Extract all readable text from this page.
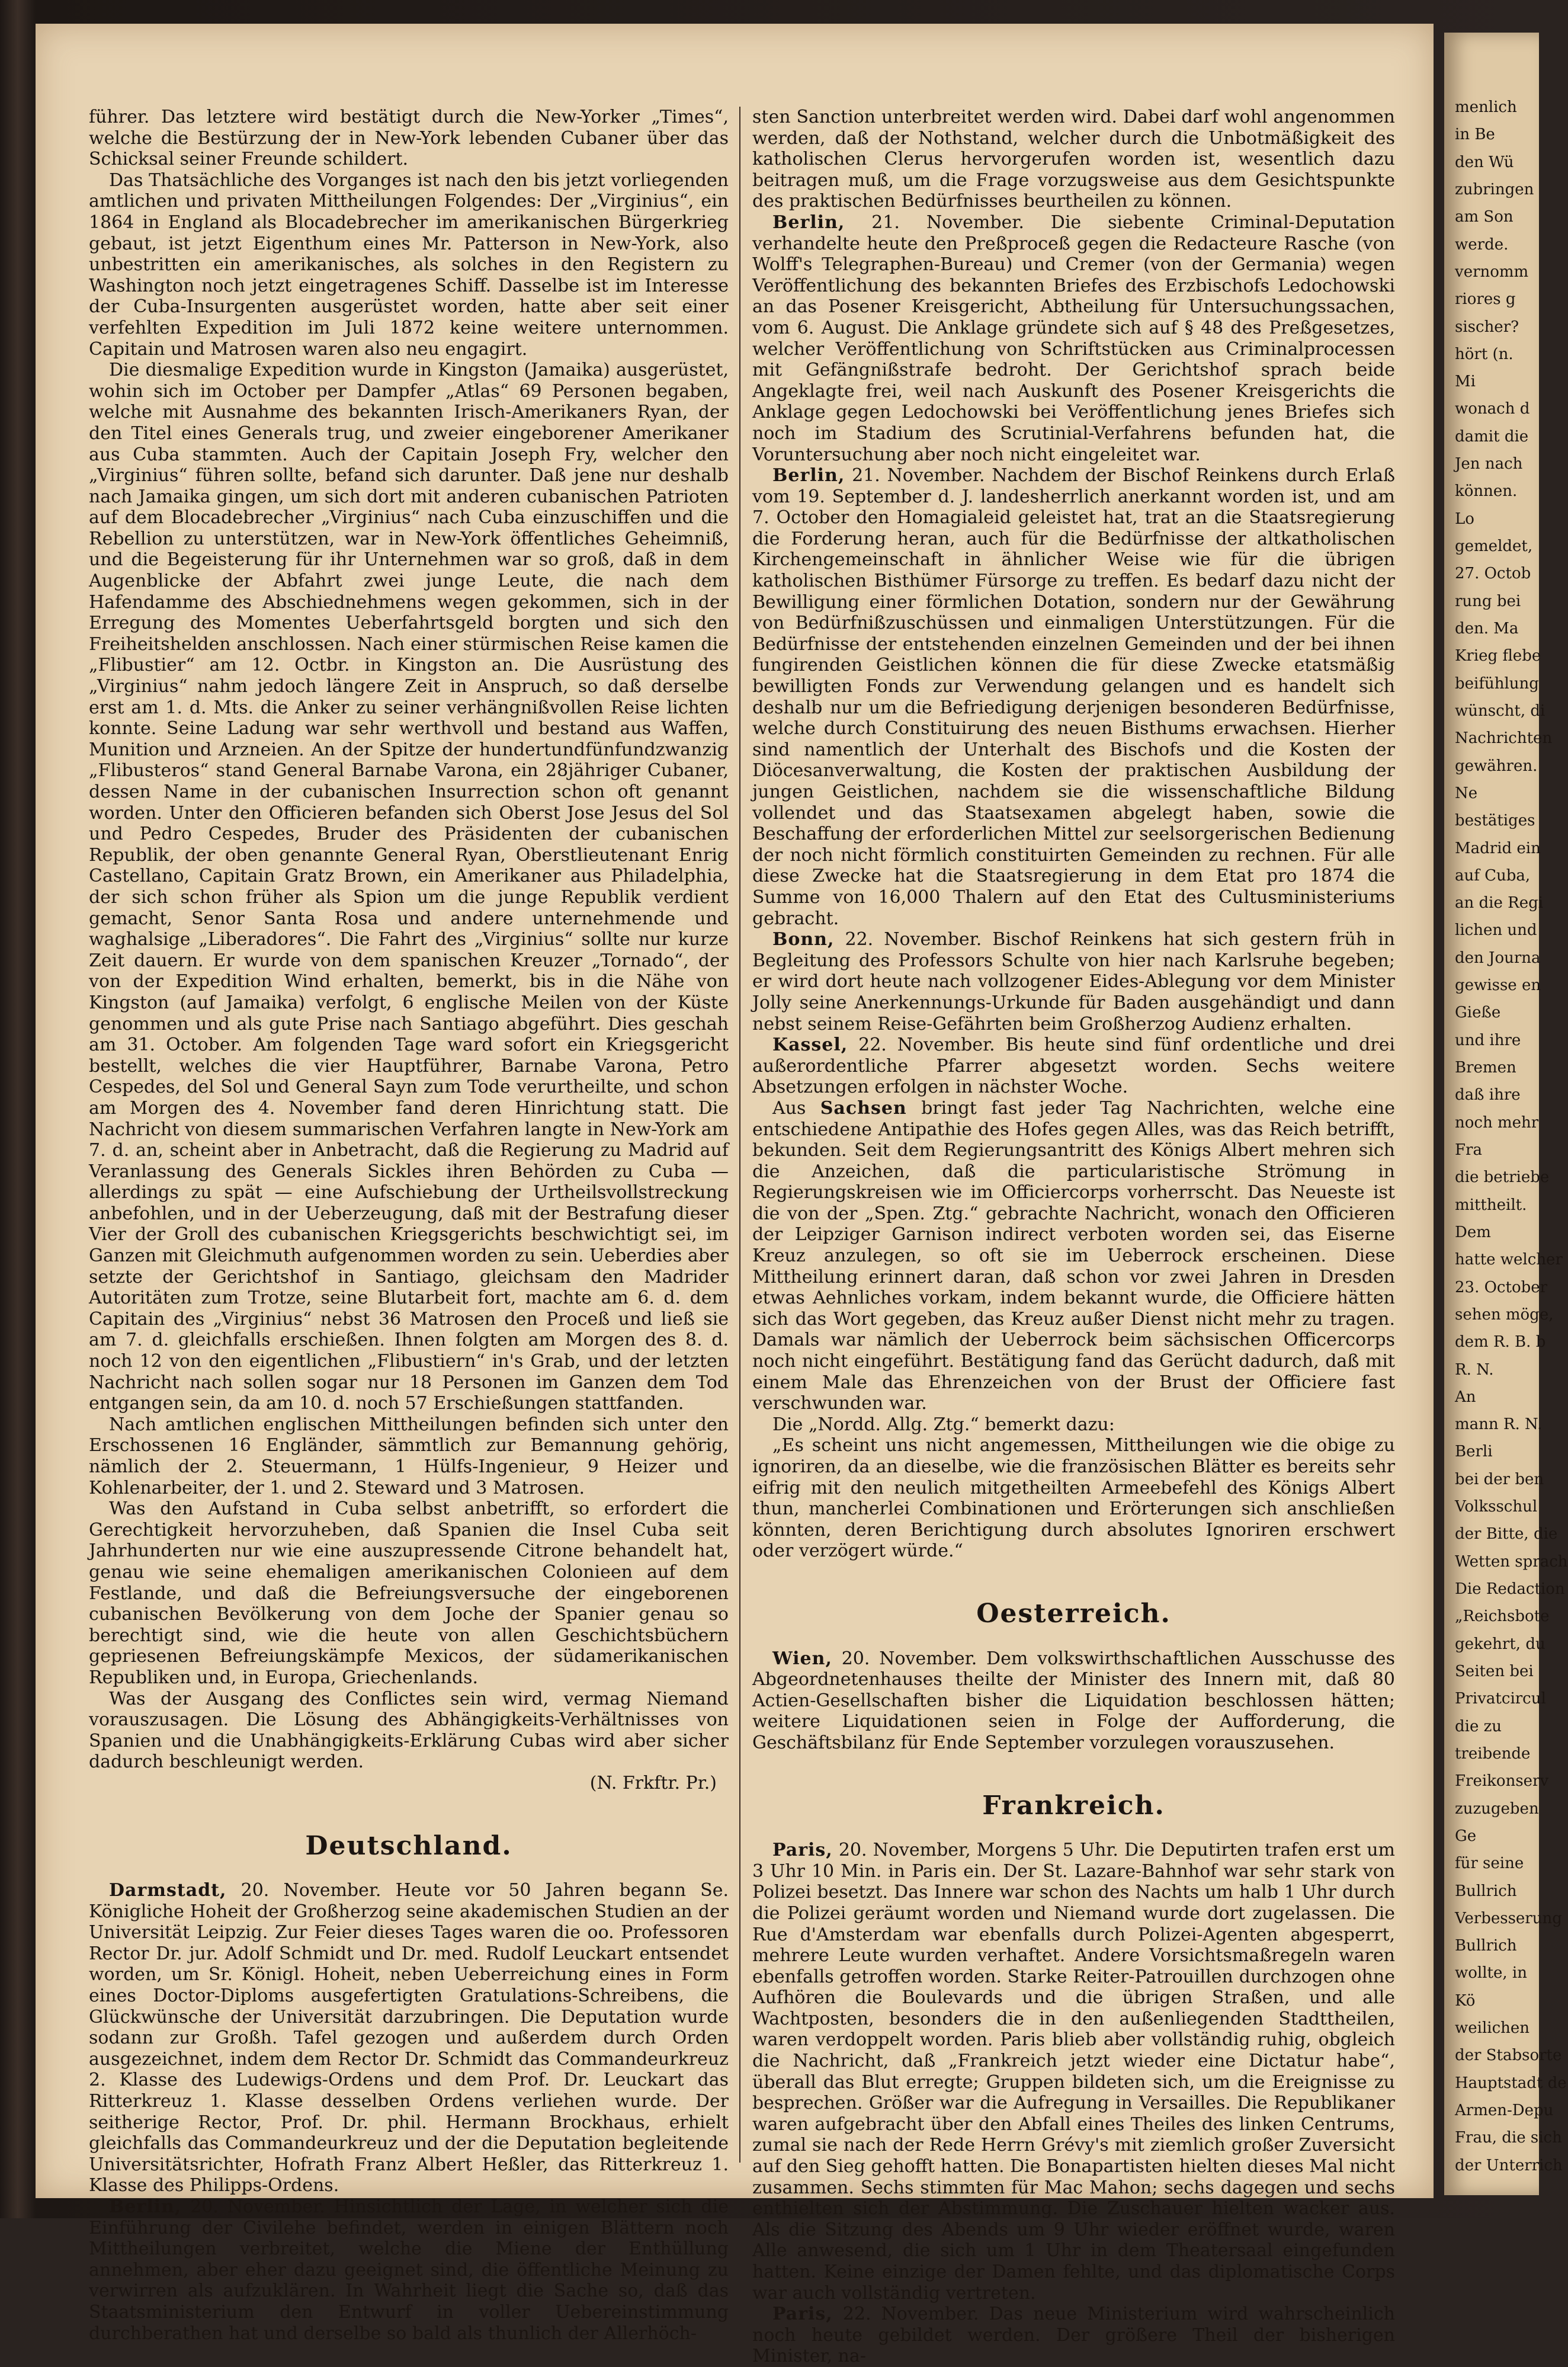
führer. Das letztere wird bestätigt durch die New-Yorker „Times“, welche die Bestürzung der in New-York lebenden Cubaner über das Schicksal seiner Freunde schildert.

Das Thatsächliche des Vorganges ist nach den bis jetzt vorliegenden amtlichen und privaten Mittheilungen Folgendes: Der „Virginius“, ein 1864 in England als Blocadebrecher im amerikanischen Bürgerkrieg gebaut, ist jetzt Eigenthum eines Mr. Patterson in New-York, also unbestritten ein amerikanisches, als solches in den Registern zu Washington noch jetzt eingetragenes Schiff. Dasselbe ist im Interesse der Cuba-Insurgenten ausgerüstet worden, hatte aber seit einer verfehlten Expedition im Juli 1872 keine weitere unternommen. Capitain und Matrosen waren also neu engagirt.

Die diesmalige Expedition wurde in Kingston (Jamaika) ausgerüstet, wohin sich im October per Dampfer „Atlas“ 69 Personen begaben, welche mit Ausnahme des bekannten Irisch-Amerikaners Ryan, der den Titel eines Generals trug, und zweier eingeborener Amerikaner aus Cuba stammten. Auch der Capitain Joseph Fry, welcher den „Virginius“ führen sollte, befand sich darunter. Daß jene nur deshalb nach Jamaika gingen, um sich dort mit anderen cubanischen Patrioten auf dem Blocadebrecher „Virginius“ nach Cuba einzuschiffen und die Rebellion zu unterstützen, war in New-York öffentliches Geheimniß, und die Begeisterung für ihr Unternehmen war so groß, daß in dem Augenblicke der Abfahrt zwei junge Leute, die nach dem Hafendamme des Abschiednehmens wegen gekommen, sich in der Erregung des Momentes Ueberfahrtsgeld borgten und sich den Freiheitshelden anschlossen. Nach einer stürmischen Reise kamen die „Flibustier“ am 12. Octbr. in Kingston an. Die Ausrüstung des „Virginius“ nahm jedoch längere Zeit in Anspruch, so daß derselbe erst am 1. d. Mts. die Anker zu seiner verhängnißvollen Reise lichten konnte. Seine Ladung war sehr werthvoll und bestand aus Waffen, Munition und Arzneien. An der Spitze der hundertundfünfundzwanzig „Flibusteros“ stand General Barnabe Varona, ein 28jähriger Cubaner, dessen Name in der cubanischen Insurrection schon oft genannt worden. Unter den Officieren befanden sich Oberst Jose Jesus del Sol und Pedro Cespedes, Bruder des Präsidenten der cubanischen Republik, der oben genannte General Ryan, Oberstlieutenant Enrig Castellano, Capitain Gratz Brown, ein Amerikaner aus Philadelphia, der sich schon früher als Spion um die junge Republik verdient gemacht, Senor Santa Rosa und andere unternehmende und waghalsige „Liberadores“. Die Fahrt des „Virginius“ sollte nur kurze Zeit dauern. Er wurde von dem spanischen Kreuzer „Tornado“, der von der Expedition Wind erhalten, bemerkt, bis in die Nähe von Kingston (auf Jamaika) verfolgt, 6 englische Meilen von der Küste genommen und als gute Prise nach Santiago abgeführt. Dies geschah am 31. October. Am folgenden Tage ward sofort ein Kriegsgericht bestellt, welches die vier Hauptführer, Barnabe Varona, Petro Cespedes, del Sol und General Sayn zum Tode verurtheilte, und schon am Morgen des 4. November fand deren Hinrichtung statt. Die Nachricht von diesem summarischen Verfahren langte in New-York am 7. d. an, scheint aber in Anbetracht, daß die Regierung zu Madrid auf Veranlassung des Generals Sickles ihren Behörden zu Cuba — allerdings zu spät — eine Aufschiebung der Urtheilsvollstreckung anbefohlen, und in der Ueberzeugung, daß mit der Bestrafung dieser Vier der Groll des cubanischen Kriegsgerichts beschwichtigt sei, im Ganzen mit Gleichmuth aufgenommen worden zu sein. Ueberdies aber setzte der Gerichtshof in Santiago, gleichsam den Madrider Autoritäten zum Trotze, seine Blutarbeit fort, machte am 6. d. dem Capitain des „Virginius“ nebst 36 Matrosen den Proceß und ließ sie am 7. d. gleichfalls erschießen. Ihnen folgten am Morgen des 8. d. noch 12 von den eigentlichen „Flibustiern“ in's Grab, und der letzten Nachricht nach sollen sogar nur 18 Personen im Ganzen dem Tod entgangen sein, da am 10. d. noch 57 Erschießungen stattfanden.

Nach amtlichen englischen Mittheilungen befinden sich unter den Erschossenen 16 Engländer, sämmtlich zur Bemannung gehörig, nämlich der 2. Steuermann, 1 Hülfs-Ingenieur, 9 Heizer und Kohlenarbeiter, der 1. und 2. Steward und 3 Matrosen.

Was den Aufstand in Cuba selbst anbetrifft, so erfordert die Gerechtigkeit hervorzuheben, daß Spanien die Insel Cuba seit Jahrhunderten nur wie eine auszupressende Citrone behandelt hat, genau wie seine ehemaligen amerikanischen Colonieen auf dem Festlande, und daß die Befreiungsversuche der eingeborenen cubanischen Bevölkerung von dem Joche der Spanier genau so berechtigt sind, wie die heute von allen Geschichtsbüchern gepriesenen Befreiungskämpfe Mexicos, der südamerikanischen Republiken und, in Europa, Griechenlands.

Was der Ausgang des Conflictes sein wird, vermag Niemand vorauszusagen. Die Lösung des Abhängigkeits-Verhältnisses von Spanien und die Unabhängigkeits-Erklärung Cubas wird aber sicher dadurch beschleunigt werden.

(N. Frkftr. Pr.)
Deutschland.

Darmstadt, 20. November. Heute vor 50 Jahren begann Se. Königliche Hoheit der Großherzog seine akademischen Studien an der Universität Leipzig. Zur Feier dieses Tages waren die oo. Professoren Rector Dr. jur. Adolf Schmidt und Dr. med. Rudolf Leuckart entsendet worden, um Sr. Königl. Hoheit, neben Ueberreichung eines in Form eines Doctor-Diploms ausgefertigten Gratulations-Schreibens, die Glückwünsche der Universität darzubringen. Die Deputation wurde sodann zur Großh. Tafel gezogen und außerdem durch Orden ausgezeichnet, indem dem Rector Dr. Schmidt das Commandeurkreuz 2. Klasse des Ludewigs-Ordens und dem Prof. Dr. Leuckart das Ritterkreuz 1. Klasse desselben Ordens verliehen wurde. Der seitherige Rector, Prof. Dr. phil. Hermann Brockhaus, erhielt gleichfalls das Commandeurkreuz und der die Deputation begleitende Universitätsrichter, Hofrath Franz Albert Heßler, das Ritterkreuz 1. Klasse des Philipps-Ordens.

Berlin, 20. November. Hinsichtlich der Lage, in welcher sich die Einführung der Civilehe befindet, werden in einigen Blättern noch Mittheilungen verbreitet, welche die Miene der Enthüllung annehmen, aber eher dazu geeignet sind, die öffentliche Meinung zu verwirren als aufzuklären. In Wahrheit liegt die Sache so, daß das Staatsministerium den Entwurf in voller Uebereinstimmung durchberathen hat und derselbe so bald als thunlich der Allerhöch-

sten Sanction unterbreitet werden wird. Dabei darf wohl angenommen werden, daß der Nothstand, welcher durch die Unbotmäßigkeit des katholischen Clerus hervorgerufen worden ist, wesentlich dazu beitragen muß, um die Frage vorzugsweise aus dem Gesichtspunkte des praktischen Bedürfnisses beurtheilen zu können.

Berlin, 21. November. Die siebente Criminal-Deputation verhandelte heute den Preßproceß gegen die Redacteure Rasche (von Wolff's Telegraphen-Bureau) und Cremer (von der Germania) wegen Veröffentlichung des bekannten Briefes des Erzbischofs Ledochowski an das Posener Kreisgericht, Abtheilung für Untersuchungssachen, vom 6. August. Die Anklage gründete sich auf § 48 des Preßgesetzes, welcher Veröffentlichung von Schriftstücken aus Criminalprocessen mit Gefängnißstrafe bedroht. Der Gerichtshof sprach beide Angeklagte frei, weil nach Auskunft des Posener Kreisgerichts die Anklage gegen Ledochowski bei Veröffentlichung jenes Briefes sich noch im Stadium des Scrutinial-Verfahrens befunden hat, die Voruntersuchung aber noch nicht eingeleitet war.

Berlin, 21. November. Nachdem der Bischof Reinkens durch Erlaß vom 19. September d. J. landesherrlich anerkannt worden ist, und am 7. October den Homagialeid geleistet hat, trat an die Staatsregierung die Forderung heran, auch für die Bedürfnisse der altkatholischen Kirchengemeinschaft in ähnlicher Weise wie für die übrigen katholischen Bisthümer Fürsorge zu treffen. Es bedarf dazu nicht der Bewilligung einer förmlichen Dotation, sondern nur der Gewährung von Bedürfnißzuschüssen und einmaligen Unterstützungen. Für die Bedürfnisse der entstehenden einzelnen Gemeinden und der bei ihnen fungirenden Geistlichen können die für diese Zwecke etatsmäßig bewilligten Fonds zur Verwendung gelangen und es handelt sich deshalb nur um die Befriedigung derjenigen besonderen Bedürfnisse, welche durch Constituirung des neuen Bisthums erwachsen. Hierher sind namentlich der Unterhalt des Bischofs und die Kosten der Diöcesanverwaltung, die Kosten der praktischen Ausbildung der jungen Geistlichen, nachdem sie die wissenschaftliche Bildung vollendet und das Staatsexamen abgelegt haben, sowie die Beschaffung der erforderlichen Mittel zur seelsorgerischen Bedienung der noch nicht förmlich constituirten Gemeinden zu rechnen. Für alle diese Zwecke hat die Staatsregierung in dem Etat pro 1874 die Summe von 16,000 Thalern auf den Etat des Cultusministeriums gebracht.

Bonn, 22. November. Bischof Reinkens hat sich gestern früh in Begleitung des Professors Schulte von hier nach Karlsruhe begeben; er wird dort heute nach vollzogener Eides-Ablegung vor dem Minister Jolly seine Anerkennungs-Urkunde für Baden ausgehändigt und dann nebst seinem Reise-Gefährten beim Großherzog Audienz erhalten.

Kassel, 22. November. Bis heute sind fünf ordentliche und drei außerordentliche Pfarrer abgesetzt worden. Sechs weitere Absetzungen erfolgen in nächster Woche.

Aus Sachsen bringt fast jeder Tag Nachrichten, welche eine entschiedene Antipathie des Hofes gegen Alles, was das Reich betrifft, bekunden. Seit dem Regierungsantritt des Königs Albert mehren sich die Anzeichen, daß die particularistische Strömung in Regierungskreisen wie im Officiercorps vorherrscht. Das Neueste ist die von der „Spen. Ztg.“ gebrachte Nachricht, wonach den Officieren der Leipziger Garnison indirect verboten worden sei, das Eiserne Kreuz anzulegen, so oft sie im Ueberrock erscheinen. Diese Mittheilung erinnert daran, daß schon vor zwei Jahren in Dresden etwas Aehnliches vorkam, indem bekannt wurde, die Officiere hätten sich das Wort gegeben, das Kreuz außer Dienst nicht mehr zu tragen. Damals war nämlich der Ueberrock beim sächsischen Officercorps noch nicht eingeführt. Bestätigung fand das Gerücht dadurch, daß mit einem Male das Ehrenzeichen von der Brust der Officiere fast verschwunden war.

Die „Nordd. Allg. Ztg.“ bemerkt dazu:

„Es scheint uns nicht angemessen, Mittheilungen wie die obige zu ignoriren, da an dieselbe, wie die französischen Blätter es bereits sehr eifrig mit den neulich mitgetheilten Armeebefehl des Königs Albert thun, mancherlei Combinationen und Erörterungen sich anschließen könnten, deren Berichtigung durch absolutes Ignoriren erschwert oder verzögert würde.“

Oesterreich.

Wien, 20. November. Dem volkswirthschaftlichen Ausschusse des Abgeordnetenhauses theilte der Minister des Innern mit, daß 80 Actien-Gesellschaften bisher die Liquidation beschlossen hätten; weitere Liquidationen seien in Folge der Aufforderung, die Geschäftsbilanz für Ende September vorzulegen vorauszusehen.

Frankreich.

Paris, 20. November, Morgens 5 Uhr. Die Deputirten trafen erst um 3 Uhr 10 Min. in Paris ein. Der St. Lazare-Bahnhof war sehr stark von Polizei besetzt. Das Innere war schon des Nachts um halb 1 Uhr durch die Polizei geräumt worden und Niemand wurde dort zugelassen. Die Rue d'Amsterdam war ebenfalls durch Polizei-Agenten abgesperrt, mehrere Leute wurden verhaftet. Andere Vorsichtsmaßregeln waren ebenfalls getroffen worden. Starke Reiter-Patrouillen durchzogen ohne Aufhören die Boulevards und die übrigen Straßen, und alle Wachtposten, besonders die in den außenliegenden Stadttheilen, waren verdoppelt worden. Paris blieb aber vollständig ruhig, obgleich die Nachricht, daß „Frankreich jetzt wieder eine Dictatur habe“, überall das Blut erregte; Gruppen bildeten sich, um die Ereignisse zu besprechen. Größer war die Aufregung in Versailles. Die Republikaner waren aufgebracht über den Abfall eines Theiles des linken Centrums, zumal sie nach der Rede Herrn Grévy's mit ziemlich großer Zuversicht auf den Sieg gehofft hatten. Die Bonapartisten hielten dieses Mal nicht zusammen. Sechs stimmten für Mac Mahon; sechs dagegen und sechs enthielten sich der Abstimmung. Die Zuschauer hielten wacker aus. Als die Sitzung des Abends um 9 Uhr wieder eröffnet wurde, waren Alle anwesend, die sich um 1 Uhr in dem Theatersaal eingefunden hatten. Keine einzige der Damen fehlte, und das diplomatische Corps war auch vollständig vertreten.

Paris, 22. November. Das neue Ministerium wird wahrscheinlich noch heute gebildet werden. Der größere Theil der bisherigen Minister, na-

menlich
in Be
den Wü
zubringen
am Son
werde.
vernomm
riores g
sischer?
hört (n.
Mi
wonach d
damit die
Jen nach
können.
Lo
gemeldet,
27. Octob
rung bei
den. Ma
Krieg flebe
beifühlung
wünscht, di
Nachrichten
gewähren.
Ne
bestätiges
Madrid ein
auf Cuba,
an die Regi
lichen und
den Journa
gewisse en
Gieße
und ihre
Bremen
daß ihre
noch mehr
Fra
die betriebe
mittheilt.
Dem
hatte welcher
23. October
sehen möge,
dem R. B. b
R. N.
An
mann R. N.
Berli
bei der ben
Volksschul
der Bitte, die
Wetten sprach
Die Redaction
„Reichsbote
gekehrt, du
Seiten bei
Privatcircul
die zu
treibende
Freikonserv
zuzugeben
Ge
für seine
Bullrich
Verbesserung
Bullrich
wollte, in
Kö
weilichen
der Stabsorte
Hauptstadt de
Armen-Depu
Frau, die sich
der Unterrich
